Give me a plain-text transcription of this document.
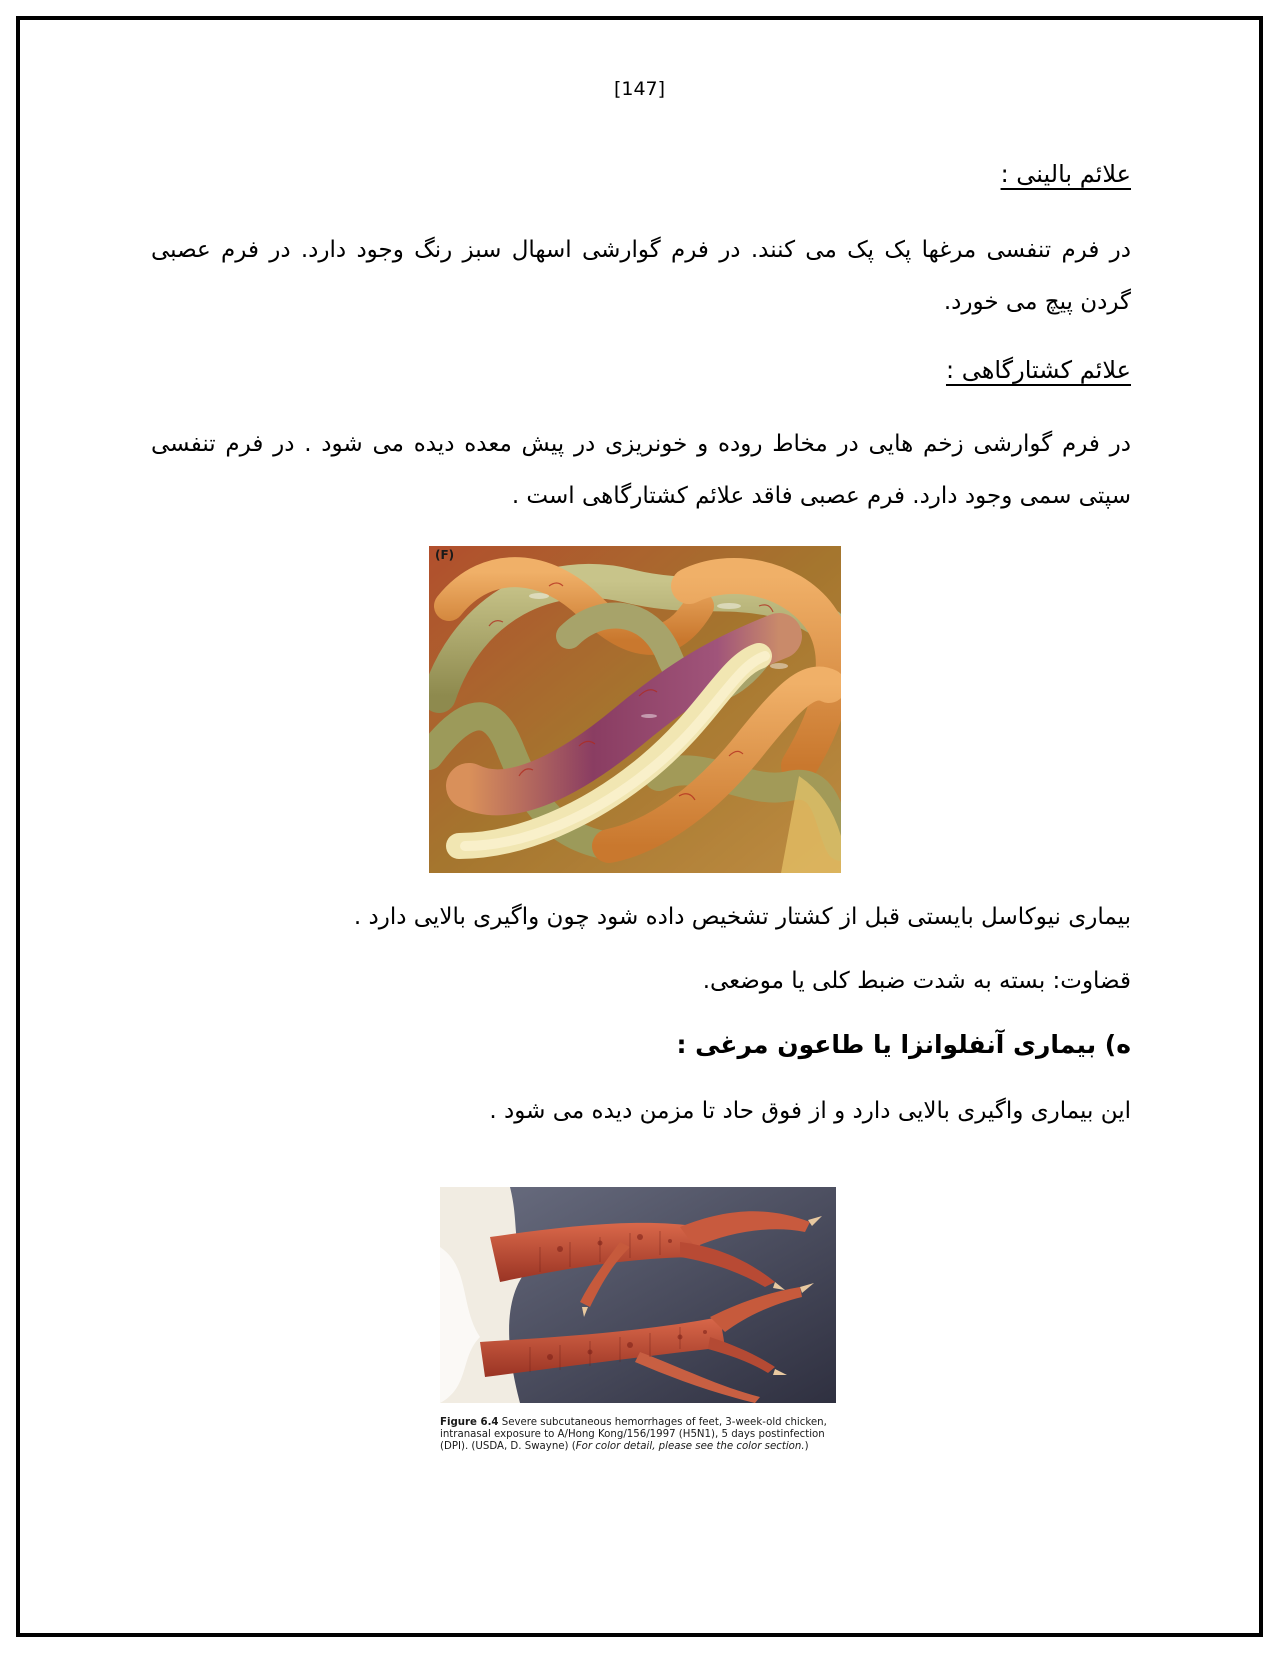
[147]
علائم بالینی :
در فرم تنفسی مرغها پک پک می کنند. در فرم گوارشی اسهال سبز رنگ وجود دارد. در فرم عصبی گردن پیچ می خورد.
علائم کشتارگاهی :
در فرم گوارشی زخم هایی در مخاط روده و خونریزی در پیش معده دیده می شود . در فرم تنفسی سپتی سمی وجود دارد. فرم عصبی فاقد علائم کشتارگاهی است .
(F)
بیماری نیوکاسل بایستی قبل از کشتار تشخیص داده شود چون واگیری بالایی دارد .
قضاوت: بسته به شدت ضبط کلی یا موضعی.
ه) بیماری آنفلوانزا یا طاعون مرغی :
این بیماری واگیری بالایی دارد و از فوق حاد تا مزمن دیده می شود .
Figure 6.4 Severe subcutaneous hemorrhages of feet, 3-week-old chicken, intranasal exposure to A/Hong Kong/156/1997 (H5N1), 5 days postinfection (DPI). (USDA, D. Swayne) (For color detail, please see the color section.)
